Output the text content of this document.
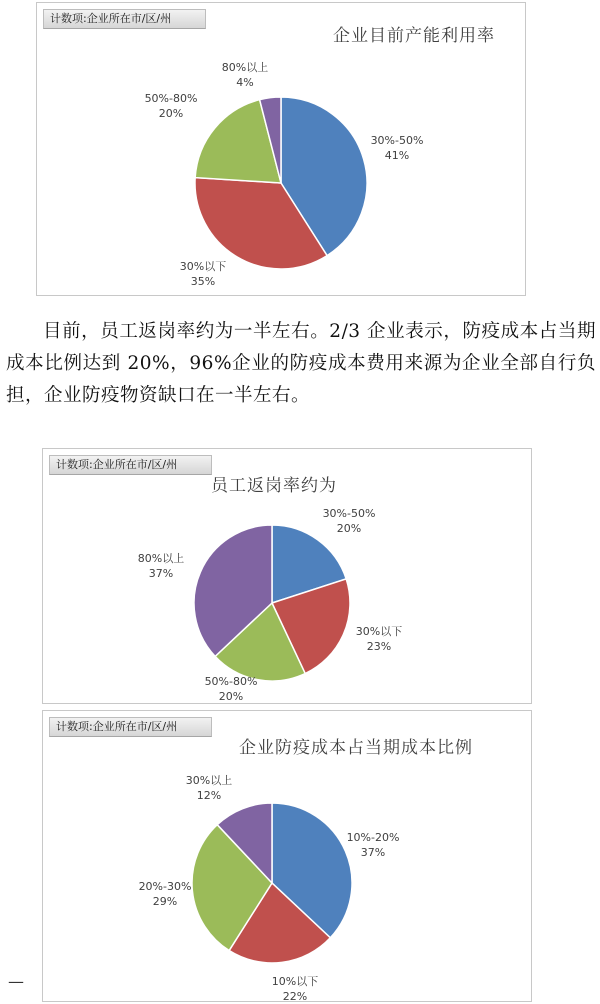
计数项:企业所在市/区/州
企业目前产能利用率
30%-50%
41%
30%以下
35%
50%-80%
20%
80%以上
4%

目前，员工返岗率约为一半左右。2/3 企业表示，防疫成本占当期成本比例达到 20%，96%企业的防疫成本费用来源为企业全部自行负担，企业防疫物资缺口在一半左右。

计数项:企业所在市/区/州
员工返岗率约为
30%-50%
20%
30%以下
23%
50%-80%
20%
80%以上
37%
计数项:企业所在市/区/州
企业防疫成本占当期成本比例
10%-20%
37%
10%以下
22%
20%-30%
29%
30%以上
12%
—
